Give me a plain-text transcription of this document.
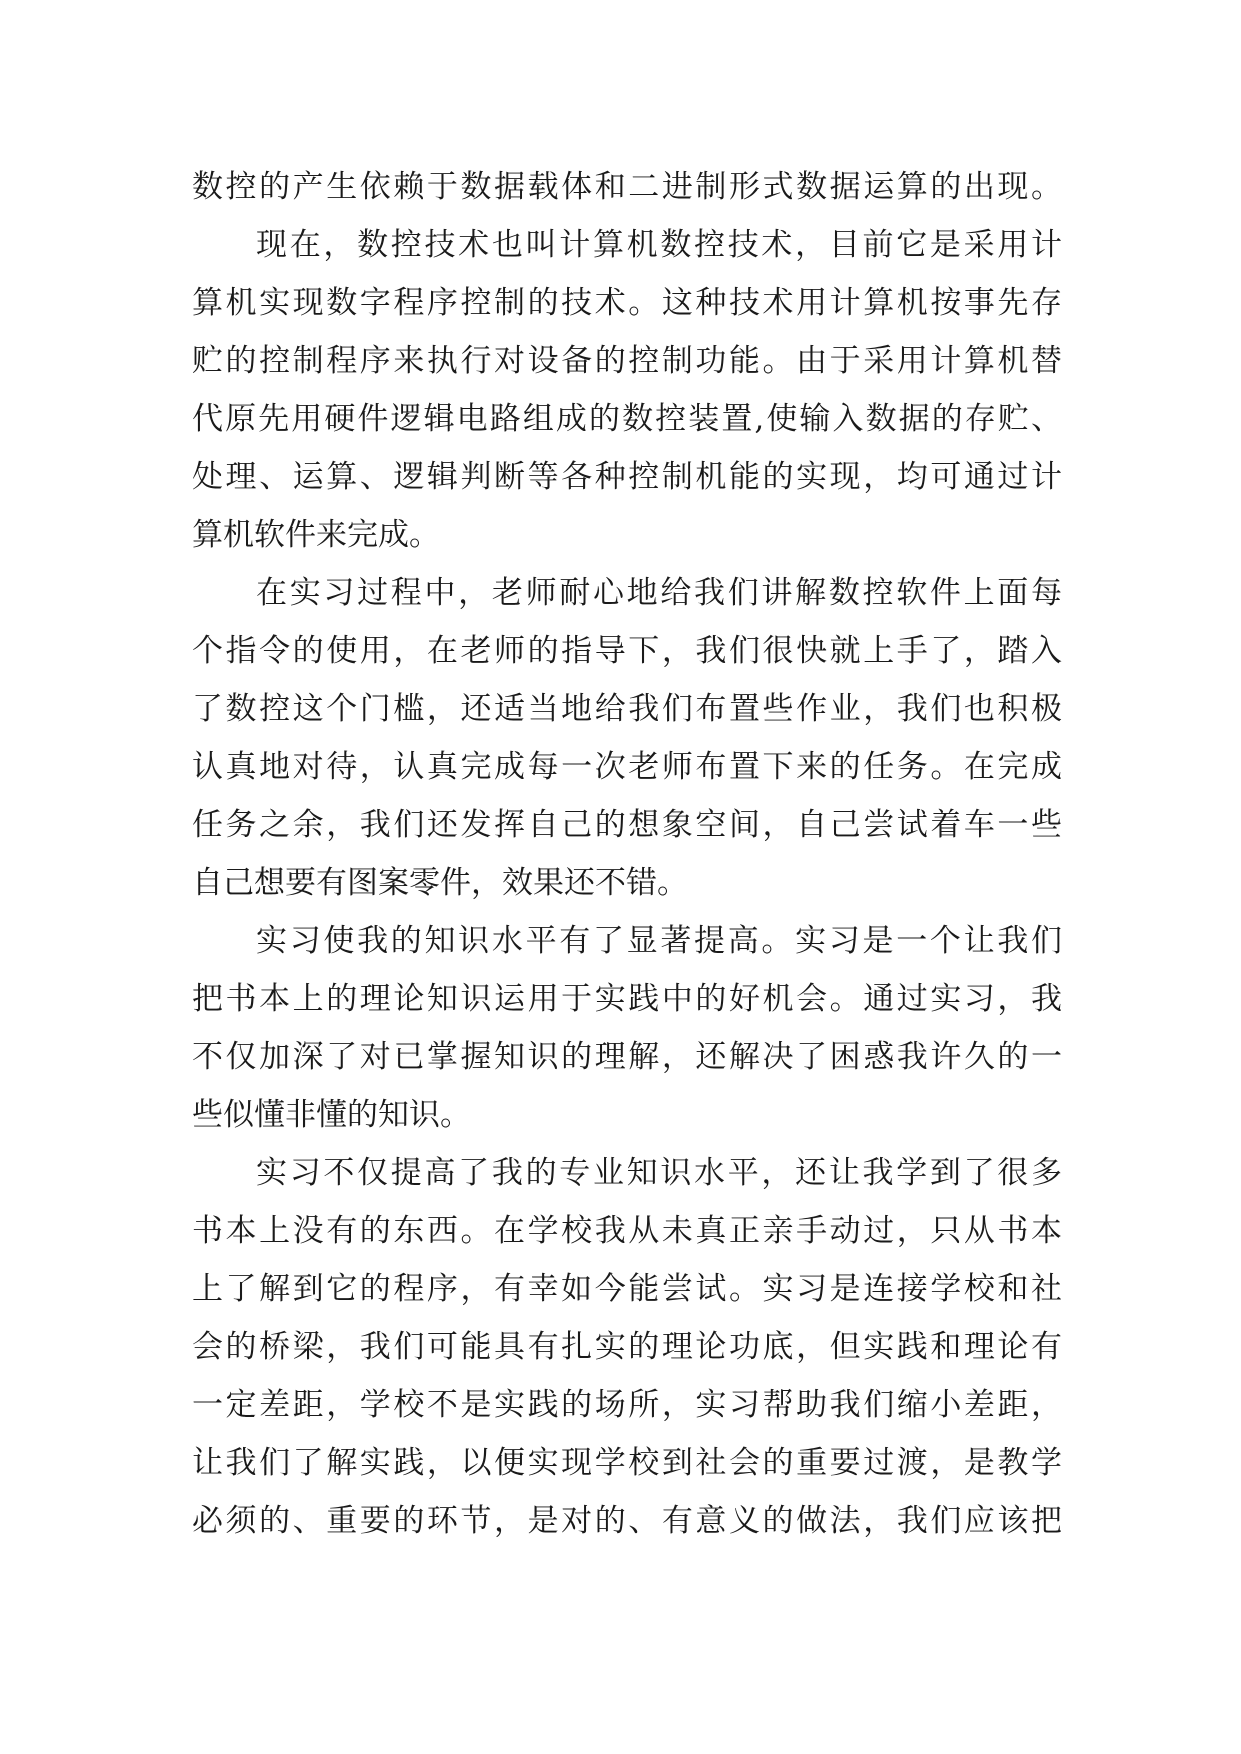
数控的产生依赖于数据载体和二进制形式数据运算的出现。
现在，数控技术也叫计算机数控技术，目前它是采用计
算机实现数字程序控制的技术。这种技术用计算机按事先存
贮的控制程序来执行对设备的控制功能。由于采用计算机替
代原先用硬件逻辑电路组成的数控装置,使输入数据的存贮、
处理、运算、逻辑判断等各种控制机能的实现，均可通过计
算机软件来完成。
在实习过程中，老师耐心地给我们讲解数控软件上面每
个指令的使用，在老师的指导下，我们很快就上手了，踏入
了数控这个门槛，还适当地给我们布置些作业，我们也积极
认真地对待，认真完成每一次老师布置下来的任务。在完成
任务之余，我们还发挥自己的想象空间，自己尝试着车一些
自己想要有图案零件，效果还不错。
实习使我的知识水平有了显著提高。实习是一个让我们
把书本上的理论知识运用于实践中的好机会。通过实习，我
不仅加深了对已掌握知识的理解，还解决了困惑我许久的一
些似懂非懂的知识。
实习不仅提高了我的专业知识水平，还让我学到了很多
书本上没有的东西。在学校我从未真正亲手动过，只从书本
上了解到它的程序，有幸如今能尝试。实习是连接学校和社
会的桥梁，我们可能具有扎实的理论功底，但实践和理论有
一定差距，学校不是实践的场所，实习帮助我们缩小差距，
让我们了解实践，以便实现学校到社会的重要过渡，是教学
必须的、重要的环节，是对的、有意义的做法，我们应该把
